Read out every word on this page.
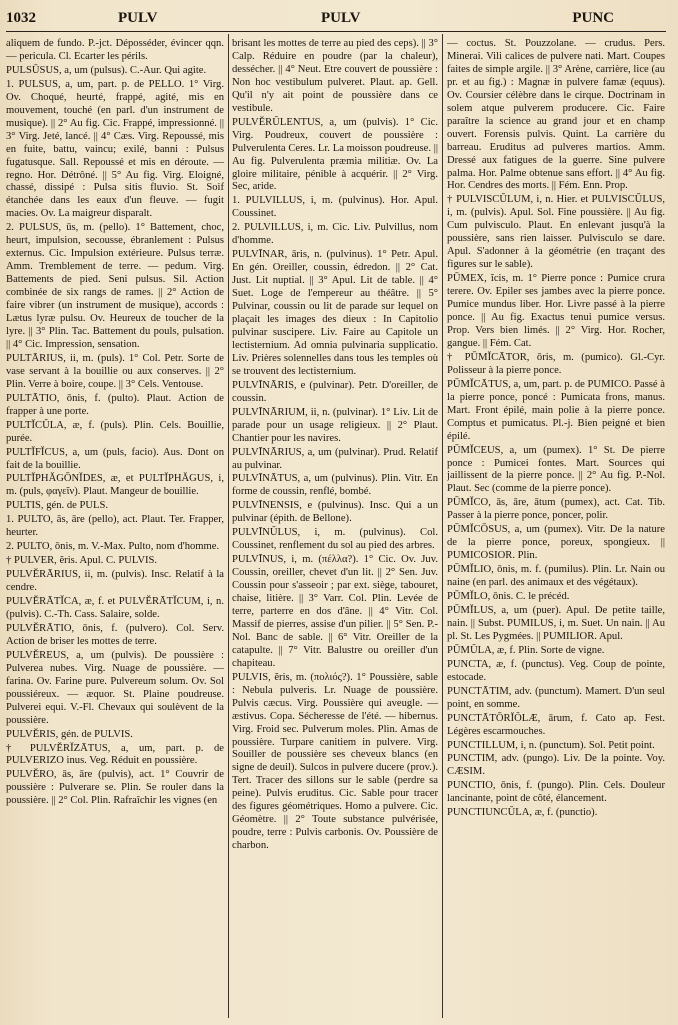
1032	PULV	PULV	PUNC
aliquem de fundo. P.-jct. Déposséder, évincer qqn. — pericula. Cl. Ecarter les périls.
PULSŪSUS, a, um (pulsus). C.-Aur. Qui agite.
1. PULSUS, a, um, part. p. de PELLO. 1° Virg. Ov. Choqué, heurté, frappé, agité, mis en mouvement, touché (en parl. d'un instrument de musique). || 2° Au fig. Cic. Frappé, impressionné. || 3° Virg. Jeté, lancé. || 4° Cæs. Virg. Repoussé, mis en fuite, battu, vaincu; exilé, banni : Pulsus fugatusque. Sall. Repoussé et mis en déroute. — regno. Hor. Détrôné. || 5° Au fig. Virg. Eloigné, chassé, dissipé : Pulsa sitis fluvio. St. Soif étanchée dans les eaux d'un fleuve. — fugit macies. Ov. La maigreur disparalt.
2. PULSUS, ūs, m. (pello). 1° Battement, choc, heurt, impulsion, secousse, ébranlement : Pulsus externus. Cic. Impulsion extérieure. Pulsus terræ. Amm. Tremblement de terre. — pedum. Virg. Battements de pied. Seni pulsus. Sil. Action combinée de six rangs de rames. || 2° Action de faire vibrer (un instrument de musique), accords : Lætus lyræ pulsu. Ov. Heureux de toucher de la lyre. || 3° Plin. Tac. Battement du pouls, pulsation. || 4° Cic. Impression, sensation.
PULTĀRIUS, ii, m. (puls). 1° Col. Petr. Sorte de vase servant à la bouillie ou aux conserves. || 2° Plin. Verre à boire, coupe. || 3° Cels. Ventouse.
PULTĀTIO, ōnis, f. (pulto). Plaut. Action de frapper à une porte.
PULTĬCŬLA, æ, f. (puls). Plin. Cels. Bouillie, purée.
PULTĬFĬCUS, a, um (puls, facio). Aus. Dont on fait de la bouillie.
PULTĬPHĂGŌNĬDES, æ, et PULTĬPHĂGUS, i, m. (puls, φαγεῖν). Plaut. Mangeur de bouillie.
PULTIS, gén. de PULS.
1. PULTO, ās, āre (pello), act. Plaut. Ter. Frapper, heurter.
2. PULTO, ōnis, m. V.-Max. Pulto, nom d'homme.
† PULVER, ĕris. Apul. C. PULVIS.
PULVĔRĀRIUS, ii, m. (pulvis). Insc. Relatif à la cendre.
PULVĔRĀTĬCA, æ, f. et PULVĔRĀTĬCUM, i, n. (pulvis). C.-Th. Cass. Salaire, solde.
PULVĔRĀTIO, ōnis, f. (pulvero). Col. Serv. Action de briser les mottes de terre.
PULVĔREUS, a, um (pulvis). De poussière : Pulverea nubes. Virg. Nuage de poussière. — farina. Ov. Farine pure. Pulvereum solum. Ov. Sol poussiéreux. — æquor. St. Plaine poudreuse. Pulverei equi. V.-Fl. Chevaux qui soulèvent de la poussière.
PULVĔRIS, gén. de PULVIS.
† PULVĔRĬZĀTUS, a, um, part. p. de PULVERIZO inus. Veg. Réduit en poussière.
PULVĔRO, ās, āre (pulvis), act. 1° Couvrir de poussière : Pulverare se. Plin. Se rouler dans la poussière. || 2° Col. Plin. Rafraîchir les vignes (en
brisant les mottes de terre au pied des ceps). || 3° Calp. Réduire en poudre (par la chaleur), dessécher. || 4° Neut. Etre couvert de poussière : Non hoc vestibulum pulveret. Plaut. ap. Gell. Qu'il n'y ait point de poussière dans ce vestibule.
PULVĔRŬLENTUS, a, um (pulvis). 1° Cic. Virg. Poudreux, couvert de poussière : Pulverulenta Ceres. Lr. La moisson poudreuse. || Au fig. Pulverulenta præmia militiæ. Ov. La gloire militaire, pénible à acquérir. || 2° Virg. Sec, aride.
1. PULVILLUS, i, m. (pulvinus). Hor. Apul. Coussinet.
2. PULVILLUS, i, m. Cic. Liv. Pulvillus, nom d'homme.
PULVĪNAR, āris, n. (pulvinus). 1° Petr. Apul. En gén. Oreiller, coussin, édredon. || 2° Cat. Just. Lit nuptial. || 3° Apul. Lit de table. || 4° Suet. Loge de l'empereur au théâtre. || 5° Pulvinar, coussin ou lit de parade sur lequel on plaçait les images des dieux : In Capitolio pulvinar suscipere. Liv. Faire au Capitole un lectisternium. Ad omnia pulvinaria supplicatio. Liv. Prières solennelles dans tous les temples où se trouvent des lectisternium.
PULVĪNĀRIS, e (pulvinar). Petr. D'oreiller, de coussin.
PULVĪNĀRIUM, ii, n. (pulvinar). 1° Liv. Lit de parade pour un usage religieux. || 2° Plaut. Chantier pour les navires.
PULVĪNĀRIUS, a, um (pulvinar). Prud. Relatif au pulvinar.
PULVĪNĀTUS, a, um (pulvinus). Plin. Vitr. En forme de coussin, renflé, bombé.
PULVĪNENSIS, e (pulvinus). Insc. Qui a un pulvinar (épith. de Bellone).
PULVĪNŬLUS, i, m. (pulvinus). Col. Coussinet, renflement du sol au pied des arbres.
PULVĪNUS, i, m. (πέλλα?). 1° Cic. Ov. Juv. Coussin, oreiller, chevet d'un lit. || 2° Sen. Juv. Coussin pour s'asseoir ; par ext. siège, tabouret, chaise, litière. || 3° Varr. Col. Plin. Levée de terre, parterre en dos d'âne. || 4° Vitr. Col. Massif de pierres, assise d'un pilier. || 5° Sen. P.-Nol. Banc de sable. || 6° Vitr. Oreiller de la catapulte. || 7° Vitr. Balustre ou oreiller d'un chapiteau.
PULVIS, ĕris, m. (πολιός?). 1° Poussière, sable : Nebula pulveris. Lr. Nuage de poussière. Pulvis cæcus. Virg. Poussière qui aveugle. — æstivus. Copa. Sécheresse de l'été. — hibernus. Virg. Froid sec. Pulverum moles. Plin. Amas de poussière. Turpare canitiem in pulvere. Virg. Souiller de poussière ses cheveux blancs (en signe de deuil). Sulcos in pulvere ducere (prov.). Tert. Tracer des sillons sur le sable (perdre sa peine). Pulvis eruditus. Cic. Sable pour tracer des figures géométriques. Homo a pulvere. Cic. Géomètre. || 2° Toute substance pulvérisée, poudre, terre : Pulvis carbonis. Ov. Poussière de charbon.
— coctus. St. Pouzzolane. — crudus. Pers. Minerai. Vili calices de pulvere nati. Mart. Coupes faites de simple argile. || 3° Arène, carrière, lice (au pr. et au fig.) : Magnæ in pulvere famæ (equus). Ov. Coursier célèbre dans le cirque. Doctrinam in solem atque pulverem producere. Cic. Faire paraître la science au grand jour et en champ ouvert. Forensis pulvis. Quint. La carrière du barreau. Eruditus ad pulveres martios. Amm. Dressé aux fatigues de la guerre. Sine pulvere palma. Hor. Palme obtenue sans effort. || 4° Au fig. Hor. Cendres des morts. || Fém. Enn. Prop.
† PULVISCŬLUM, i, n. Hier. et PULVISCŬLUS, i, m. (pulvis). Apul. Sol. Fine poussière. || Au fig. Cum pulvisculo. Plaut. En enlevant jusqu'à la poussière, sans rien laisser. Pulvisculo se dare. Apul. S'adonner à la géométrie (en traçant des figures sur le sable).
PŪMEX, ĭcis, m. 1° Pierre ponce : Pumice crura terere. Ov. Epiler ses jambes avec la pierre ponce. Pumice mundus liber. Hor. Livre passé à la pierre ponce. || Au fig. Exactus tenui pumice versus. Prop. Vers bien limés. || 2° Virg. Hor. Rocher, gangue. || Fém. Cat.
† PŪMĬCĀTOR, ōris, m. (pumico). Gl.-Cyr. Polisseur à la pierre ponce.
PŪMĬCĀTUS, a, um, part. p. de PUMICO. Passé à la pierre ponce, poncé : Pumicata frons, manus. Mart. Front épilé, main polie à la pierre ponce. Comptus et pumicatus. Pl.-j. Bien peigné et bien épilé.
PŪMĬCEUS, a, um (pumex). 1° St. De pierre ponce : Pumicei fontes. Mart. Sources qui jaillissent de la pierre ponce. || 2° Au fig. P.-Nol. Plaut. Sec (comme de la pierre ponce).
PŪMĬCO, ās, āre, ātum (pumex), act. Cat. Tib. Passer à la pierre ponce, poncer, polir.
PŪMĬCŌSUS, a, um (pumex). Vitr. De la nature de la pierre ponce, poreux, spongieux. || PUMICOSIOR. Plin.
PŪMĬLIO, ōnis, m. f. (pumilus). Plin. Lr. Nain ou naine (en parl. des animaux et des végétaux).
PŪMĬLO, ōnis. C. le précéd.
PŪMĬLUS, a, um (puer). Apul. De petite taille, nain. || Subst. PUMILUS, i, m. Suet. Un nain. || Au pl. St. Les Pygmées. || PUMILIOR. Apul.
PŪMŬLA, æ, f. Plin. Sorte de vigne.
PUNCTA, æ, f. (punctus). Veg. Coup de pointe, estocade.
PUNCTĀTIM, adv. (punctum). Mamert. D'un seul point, en somme.
PUNCTĀTŌRĬŎLÆ, ārum, f. Cato ap. Fest. Légères escarmouches.
PUNCTILLUM, i, n. (punctum). Sol. Petit point.
PUNCTIM, adv. (pungo). Liv. De la pointe. Voy. CÆSIM.
PUNCTIO, ōnis, f. (pungo). Plin. Cels. Douleur lancinante, point de côté, élancement.
PUNCTIUNCŬLA, æ, f. (punctio).
